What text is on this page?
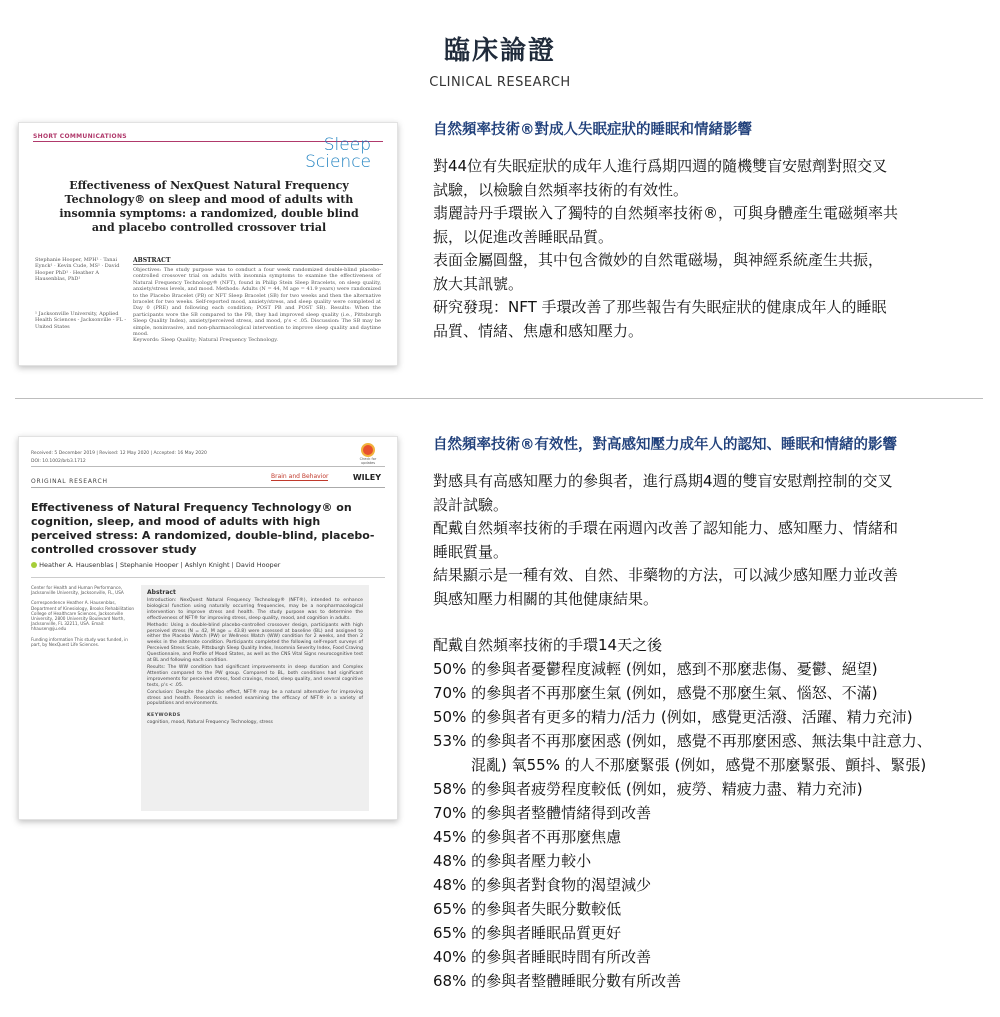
臨床論證
CLINICAL RESEARCH
SHORT COMMUNICATIONS	Sleep
Science
Effectiveness of NexQuest Natural Frequency Technology® on sleep and mood of adults with insomnia symptoms: a randomized, double blind and placebo controlled crossover trial
Stephanie Hooper, MPH¹ · Tanai Eynck¹ · Kevin Cude, MS¹ · David Hooper PhD¹ · Heather A Hausenblas, PhD¹
¹ Jacksonville University, Applied Health Sciences - Jacksonville - FL - United States
ABSTRACT
Objectives: The study purpose was to conduct a four week randomized double-blind placebo-controlled crossover trial on adults with insomnia symptoms to examine the effectiveness of Natural Frequency Technology® (NFT), found in Philip Stein Sleep Bracelets, on sleep quality, anxiety/stress levels, and mood. Methods: Adults (N = 44, M age = 41.9 years) were randomized to the Placebo Bracelet (PB) or NFT Sleep Bracelet (SB) for two weeks and then the alternative bracelet for two weeks. Self-reported mood, anxiety/stress, and sleep quality were completed at Day 0 (PRE) and following each condition; POST PB and POST SB). Results: When the participants wore the SB compared to the PB, they had improved sleep quality (i.e., Pittsburgh Sleep Quality Index), anxiety/perceived stress, and mood, p's < .05. Discussion: The SB may be simple, noninvasive, and non-pharmacological intervention to improve sleep quality and daytime mood.
Keywords: Sleep Quality; Natural Frequency Technology.
Received: 5 December 2019 | Revised: 12 May 2020 | Accepted: 16 May 2020
DOI: 10.1002/brb3.1712	Check for updates
ORIGINAL RESEARCH
Brain and Behavior	WILEY
Effectiveness of Natural Frequency Technology® on cognition, sleep, and mood of adults with high perceived stress: A randomized, double-blind, placebo-controlled crossover study
Heather A. Hausenblas | Stephanie Hooper | Ashlyn Knight | David Hooper

Center for Health and Human Performance, Jacksonville University, Jacksonville, FL, USA

Correspondence Heather A. Hausenblas, Department of Kinesiology, Brooks Rehabilitation College of Healthcare Sciences, Jacksonville University, 2800 University Boulevard North, Jacksonville, FL 32211, USA. Email: hhausen@ju.edu

Funding information This study was funded, in part, by NexQuest Life Sciences.

Abstract

Introduction: NexQuest Natural Frequency Technology® (NFT®), intended to enhance biological function using naturally occurring frequencies, may be a nonpharmacological intervention to improve stress and health. The study purpose was to determine the effectiveness of NFT® for improving stress, sleep quality, mood, and cognition in adults.

Methods: Using a double-blind placebo-controlled crossover design, participants with high perceived stress (N = 42, M age = 43.8) were assessed at baseline (BL) and assigned to either the Placebo Watch (PW) or Wellness Watch (WW) condition for 2 weeks, and then 2 weeks in the alternate condition. Participants completed the following self-report surveys of Perceived Stress Scale, Pittsburgh Sleep Quality Index, Insomnia Severity Index, Food Craving Questionnaire, and Profile of Mood States, as well as the CNS Vital Signs neurocognitive test at BL and following each condition.

Results: The WW condition had significant improvements in sleep duration and Complex Attention compared to the PW group. Compared to BL, both conditions had significant improvements for perceived stress, food cravings, mood, sleep quality, and several cognitive tests, p's < .05.

Conclusion: Despite the placebo effect, NFT® may be a natural alternative for improving stress and health. Research is needed examining the efficacy of NFT® in a variety of populations and environments.

KEYWORDS

cognition, mood, Natural Frequency Technology, stress

自然頻率技術®對成人失眠症狀的睡眠和情緒影響
對44位有失眠症狀的成年人進行爲期四週的隨機雙盲安慰劑對照交叉
試驗，以檢驗自然頻率技術的有效性。
翡麗詩丹手環嵌入了獨特的自然頻率技術®，可與身體產生電磁頻率共
振，以促進改善睡眠品質。
表面金屬圓盤，其中包含微妙的自然電磁場，與神經系統產生共振，
放大其訊號。
研究發現：NFT 手環改善了那些報告有失眠症狀的健康成年人的睡眠
品質、情緒、焦慮和感知壓力。
自然頻率技術®有效性，對高感知壓力成年人的認知、睡眠和情緒的影響
對感具有高感知壓力的參與者，進行爲期4週的雙盲安慰劑控制的交叉
設計試驗。
配戴自然頻率技術的手環在兩週內改善了認知能力、感知壓力、情緒和
睡眠質量。
結果顯示是一種有效、自然、非藥物的方法，可以減少感知壓力並改善
與感知壓力相關的其他健康結果。
配戴自然頻率技術的手環14天之後
50% 的參與者憂鬱程度減輕 (例如，感到不那麼悲傷、憂鬱、絕望)
70% 的參與者不再那麼生氣 (例如，感覺不那麼生氣、惱怒、不滿)
50% 的參與者有更多的精力/活力 (例如，感覺更活潑、活躍、精力充沛)
53% 的參與者不再那麼困惑 (例如，感覺不再那麼困惑、無法集中註意力、
混亂) 氧55% 的人不那麼緊張 (例如，感覺不那麼緊張、顫抖、緊張)
58% 的參與者疲勞程度較低 (例如，疲勞、精疲力盡、精力充沛)
70% 的參與者整體情緒得到改善
45% 的參與者不再那麼焦慮
48% 的參與者壓力較小
48% 的參與者對食物的渴望減少
65% 的參與者失眠分數較低
65% 的參與者睡眠品質更好
40% 的參與者睡眠時間有所改善
68% 的參與者整體睡眠分數有所改善
